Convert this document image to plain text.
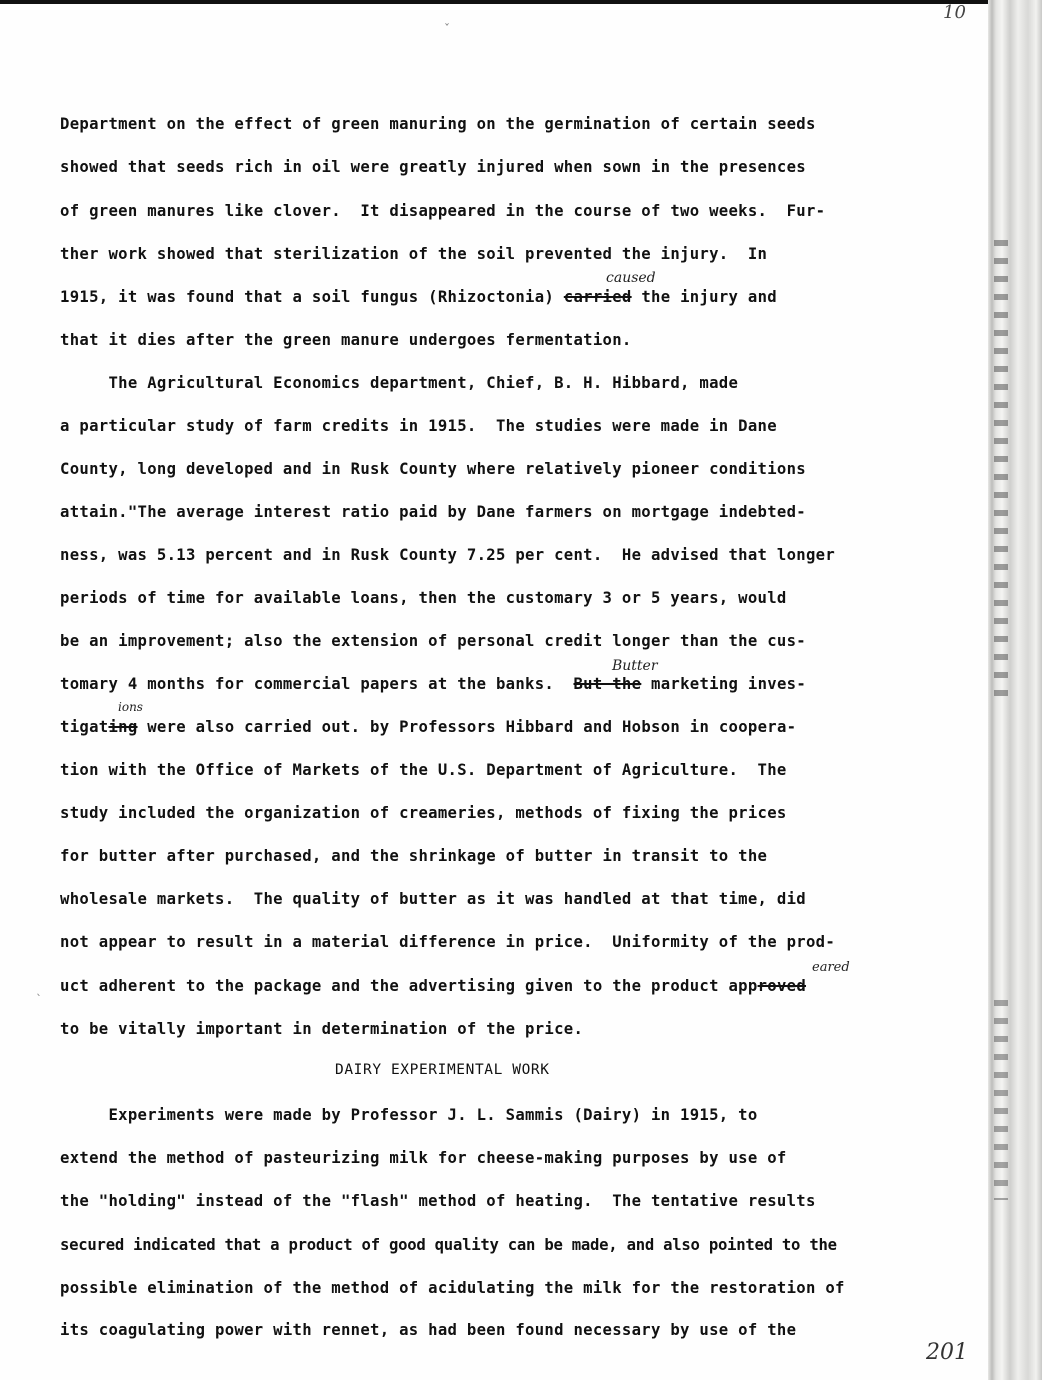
10
ˇ
ˎ
Department on the effect of green manuring on the germination of certain seeds
showed that seeds rich in oil were greatly injured when sown in the presences
of green manures like clover.  It disappeared in the course of two weeks.  Fur-
ther work showed that sterilization of the soil prevented the injury.  In
1915, it was found that a soil fungus (Rhizoctonia) carried the injury and
caused
that it dies after the green manure undergoes fermentation.
The Agricultural Economics department, Chief, B. H. Hibbard, made
a particular study of farm credits in 1915.  The studies were made in Dane
County, long developed and in Rusk County where relatively pioneer conditions
attain."The average interest ratio paid by Dane farmers on mortgage indebted-
ness, was 5.13 percent and in Rusk County 7.25 per cent.  He advised that longer
periods of time for available loans, then the customary 3 or 5 years, would
be an improvement; also the extension of personal credit longer than the cus-
tomary 4 months for commercial papers at the banks.  But the marketing inves-
Butter
tigating were also carried out. by Professors Hibbard and Hobson in coopera-
ions
tion with the Office of Markets of the U.S. Department of Agriculture.  The
study included the organization of creameries, methods of fixing the prices
for butter after purchased, and the shrinkage of butter in transit to the
wholesale markets.  The quality of butter as it was handled at that time, did
not appear to result in a material difference in price.  Uniformity of the prod-
uct adherent to the package and the advertising given to the product approved
eared
to be vitally important in determination of the price.
DAIRY EXPERIMENTAL WORK
Experiments were made by Professor J. L. Sammis (Dairy) in 1915, to
extend the method of pasteurizing milk for cheese-making purposes by use of
the "holding" instead of the "flash" method of heating.  The tentative results
secured indicated that a product of good quality can be made, and also pointed to the
possible elimination of the method of acidulating the milk for the restoration of
its coagulating power with rennet, as had been found necessary by use of the
201
